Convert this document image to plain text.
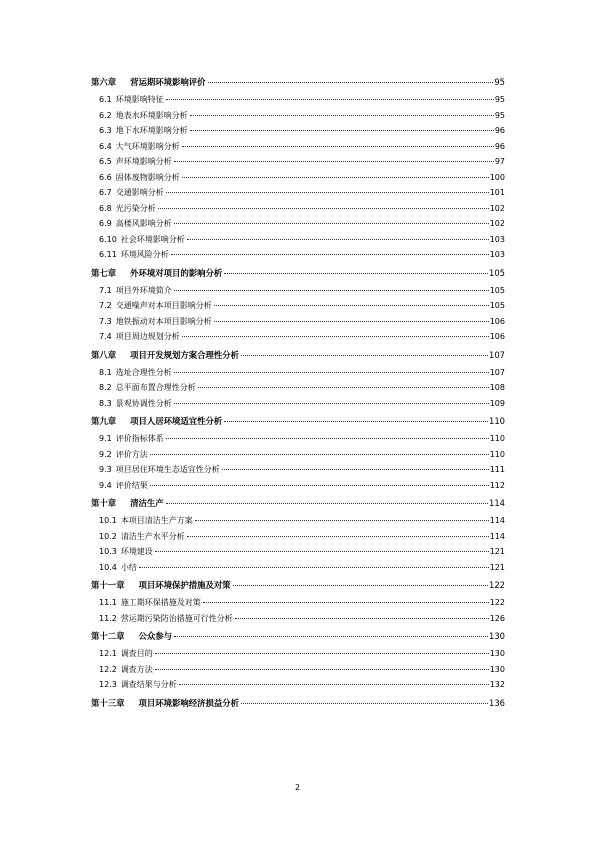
第六章 营运期环境影响评价	95
6.1 环境影响特征	95
6.2 地表水环境影响分析	95
6.3 地下水环境影响分析	96
6.4 大气环境影响分析	96
6.5 声环境影响分析	97
6.6 固体废物影响分析	100
6.7 交通影响分析	101
6.8 光污染分析	102
6.9 高楼风影响分析	102
6.10 社会环境影响分析	103
6.11 环境风险分析	103
第七章 外环境对项目的影响分析	105
7.1 项目外环境简介	105
7.2 交通噪声对本项目影响分析	105
7.3 地铁振动对本项目影响分析	106
7.4 项目周边规划分析	106
第八章 项目开发规划方案合理性分析	107
8.1 选址合理性分析	107
8.2 总平面布置合理性分析	108
8.3 景观协调性分析	109
第九章 项目人居环境适宜性分析	110
9.1 评价指标体系	110
9.2 评价方法	110
9.3 项目居住环境生态适宜性分析	111
9.4 评价结果	112
第十章 清洁生产	114
10.1 本项目清洁生产方案	114
10.2 清洁生产水平分析	114
10.3 环境建设	121
10.4 小结	121
第十一章 项目环境保护措施及对策	122
11.1 施工期环保措施及对策	122
11.2 营运期污染防治措施可行性分析	126
第十二章 公众参与	130
12.1 调查目的	130
12.2 调查方法	130
12.3 调查结果与分析	132
第十三章 项目环境影响经济损益分析	136
2
